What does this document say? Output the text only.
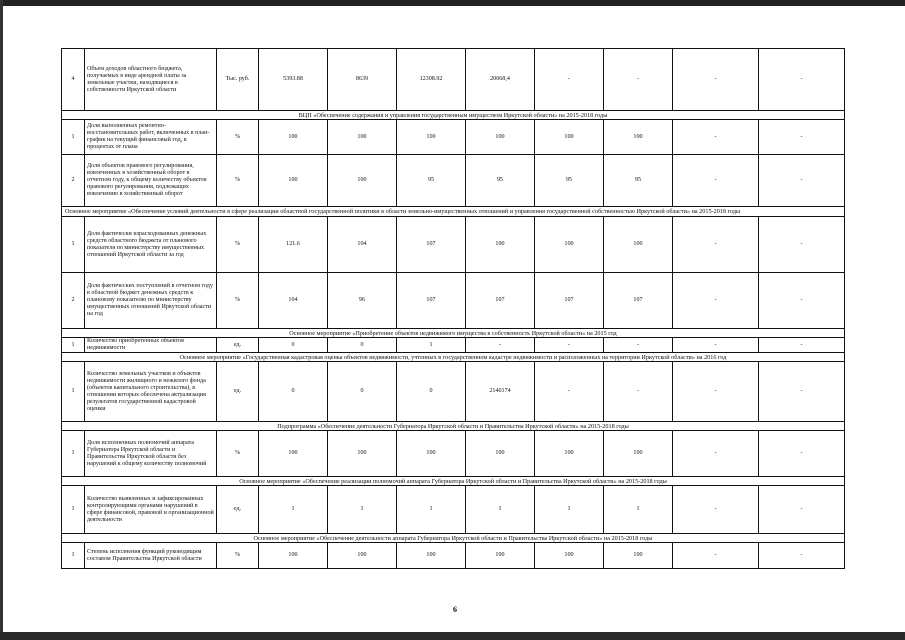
4	Объем доходов областного бюджета, получаемых в виде арендной платы за земельные участки, находящиеся в собственности Иркутской области	Тыс. руб.	5393.88	8639	12308.92	20068,4	-	-	-	-
ВЦП «Обеспечение содержания и управления государственным имуществом Иркутской области» на 2015-2018 годы										
1	Доля выполненных ремонтно-восстановительных работ, включенных в план-график на текущий финансовый год, в процентах от плана	%	100	100	100	100	100	100	-	-
2	Доля объектов правового регулирования, вовлеченных в хозяйственный оборот в отчетном году, к общему количеству объектов правового регулирования, подлежащих вовлечению в хозяйственный оборот	%	100	100	95	95	95	95	-	-
Основное мероприятие «Обеспечение условий деятельности в сфере реализации областной государственной политики в области земельно-имущественных отношений и управления государственной собственностью Иркутской области» на 2015-2018 годы										
1	Доля фактически израсходованных денежных средств областного бюджета от планового показателя по министерству имущественных отношений Иркутской области за год	%	121.6	104	107	100	100	100	-	-
2	Доля фактических поступлений в отчетном году в областной бюджет денежных средств к плановому показателю по министерству имущественных отношений Иркутской области на год	%	104	96	107	107	107	107	-	-
Основное мероприятие «Приобретение объектов недвижимого имущества в собственность Иркутской области» на 2015 год										
1	Количество приобретенных объектов недвижимости	ед.	0	0	1	-	-	-	-	-
Основное мероприятие «Государственная кадастровая оценка объектов недвижимости, учтенных в государственном кадастре недвижимости и расположенных на территории Иркутской области» на 2016 год										
1	Количество земельных участков и объектов недвижимости жилищного и нежилого фонда (объектов капитального строительства), в отношении которых обеспечена актуализация результатов государственной кадастровой оценки	ед.	0	0	0	2140174	-	-	-	-
Подпрограмма «Обеспечение деятельности Губернатора Иркутской области и Правительства Иркутской области» на 2015-2018 годы										
1	Доля исполненных полномочий аппарата Губернатора Иркутской области и Правительства Иркутской области без нарушений к общему количеству полномочий	%	100	100	100	100	100	100	-	-
Основное мероприятие «Обеспечение реализации полномочий аппарата Губернатора Иркутской области и Правительства Иркутской области» на 2015-2018 годы										
1	Количество выявленных и зафиксированных контролирующими органами нарушений в сфере финансовой, правовой и организационной деятельности	ед.	1	1	1	1	1	1	-	-
Основное мероприятие «Обеспечение деятельности аппарата Губернатора Иркутской области и Правительства Иркутской области» на 2015-2018 годы										
1	Степень исполнения функций руководящим составом Правительства Иркутской области	%	100	100	100	100	100	100	-	-
6
